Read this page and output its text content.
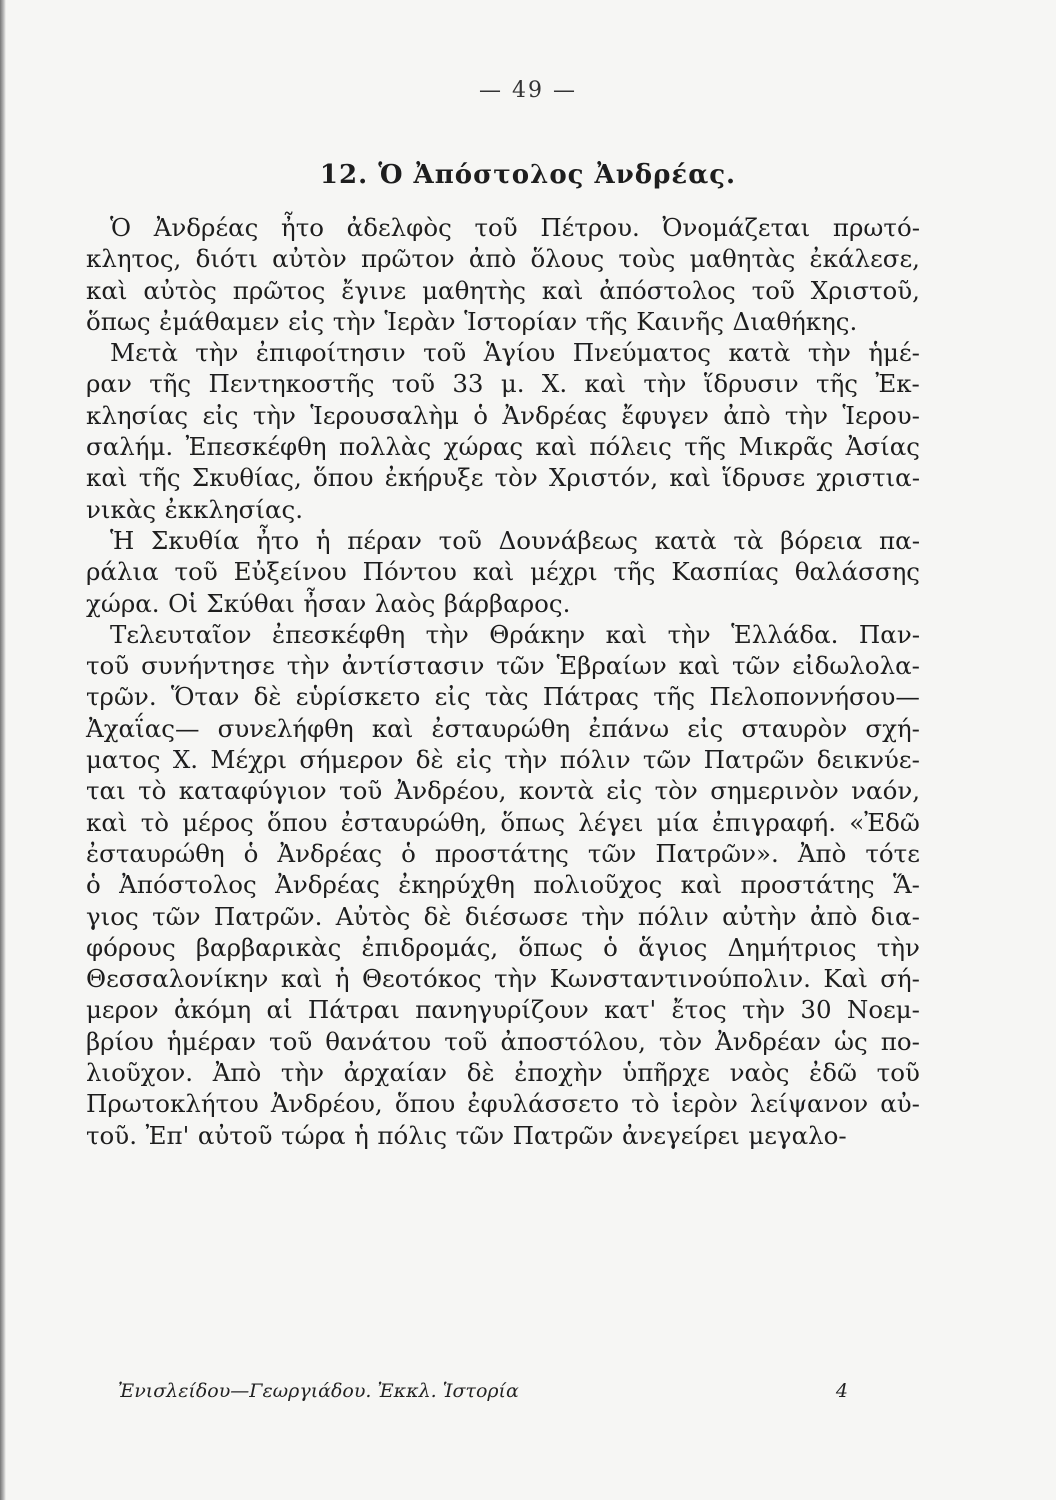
— 49 —
12. Ὁ Ἀπόστολος Ἀνδρέας.
Ὁ Ἀνδρέας ἦτο ἀδελφὸς τοῦ Πέτρου. Ὀνομάζεται πρωτό-
κλητος, διότι αὐτὸν πρῶτον ἀπὸ ὅλους τοὺς μαθητὰς ἐκάλεσε,
καὶ αὐτὸς πρῶτος ἔγινε μαθητὴς καὶ ἀπόστολος τοῦ Χριστοῦ,
ὅπως ἐμάθαμεν εἰς τὴν Ἱερὰν Ἱστορίαν τῆς Καινῆς Διαθήκης.
Μετὰ τὴν ἐπιφοίτησιν τοῦ Ἁγίου Πνεύματος κατὰ τὴν ἡμέ-
ραν τῆς Πεντηκοστῆς τοῦ 33 μ. Χ. καὶ τὴν ἵδρυσιν τῆς Ἐκ-
κλησίας εἰς τὴν Ἱερουσαλὴμ ὁ Ἀνδρέας ἔφυγεν ἀπὸ τὴν Ἱερου-
σαλήμ. Ἐπεσκέφθη πολλὰς χώρας καὶ πόλεις τῆς Μικρᾶς Ἀσίας
καὶ τῆς Σκυθίας, ὅπου ἐκήρυξε τὸν Χριστόν, καὶ ἵδρυσε χριστια-
νικὰς ἐκκλησίας.
Ἡ Σκυθία ἦτο ἡ πέραν τοῦ Δουνάβεως κατὰ τὰ βόρεια πα-
ράλια τοῦ Εὐξείνου Πόντου καὶ μέχρι τῆς Κασπίας θαλάσσης
χώρα. Οἱ Σκύθαι ἦσαν λαὸς βάρβαρος.
Τελευταῖον ἐπεσκέφθη τὴν Θράκην καὶ τὴν Ἑλλάδα. Παν-
τοῦ συνήντησε τὴν ἀντίστασιν τῶν Ἑβραίων καὶ τῶν εἰδωλολα-
τρῶν. Ὅταν δὲ εὑρίσκετο εἰς τὰς Πάτρας τῆς Πελοποννήσου—
Ἀχαΐας— συνελήφθη καὶ ἐσταυρώθη ἐπάνω εἰς σταυρὸν σχή-
ματος Χ. Μέχρι σήμερον δὲ εἰς τὴν πόλιν τῶν Πατρῶν δεικνύε-
ται τὸ καταφύγιον τοῦ Ἀνδρέου, κοντὰ εἰς τὸν σημερινὸν ναόν,
καὶ τὸ μέρος ὅπου ἐσταυρώθη, ὅπως λέγει μία ἐπιγραφή. «Ἐδῶ
ἐσταυρώθη ὁ Ἀνδρέας ὁ προστάτης τῶν Πατρῶν». Ἀπὸ τότε
ὁ Ἀπόστολος Ἀνδρέας ἐκηρύχθη πολιοῦχος καὶ προστάτης Ἅ-
γιος τῶν Πατρῶν. Αὐτὸς δὲ διέσωσε τὴν πόλιν αὐτὴν ἀπὸ δια-
φόρους βαρβαρικὰς ἐπιδρομάς, ὅπως ὁ ἅγιος Δημήτριος τὴν
Θεσσαλονίκην καὶ ἡ Θεοτόκος τὴν Κωνσταντινούπολιν. Καὶ σή-
μερον ἀκόμη αἱ Πάτραι πανηγυρίζουν κατ' ἔτος τὴν 30 Νοεμ-
βρίου ἡμέραν τοῦ θανάτου τοῦ ἀποστόλου, τὸν Ἀνδρέαν ὡς πο-
λιοῦχον. Ἀπὸ τὴν ἀρχαίαν δὲ ἐποχὴν ὑπῆρχε ναὸς ἐδῶ τοῦ
Πρωτοκλήτου Ἀνδρέου, ὅπου ἐφυλάσσετο τὸ ἱερὸν λείψανον αὐ-
τοῦ. Ἐπ' αὐτοῦ τώρα ἡ πόλις τῶν Πατρῶν ἀνεγείρει μεγαλο-
Ἐνισλείδου—Γεωργιάδου. Ἐκκλ. Ἱστορία	4
